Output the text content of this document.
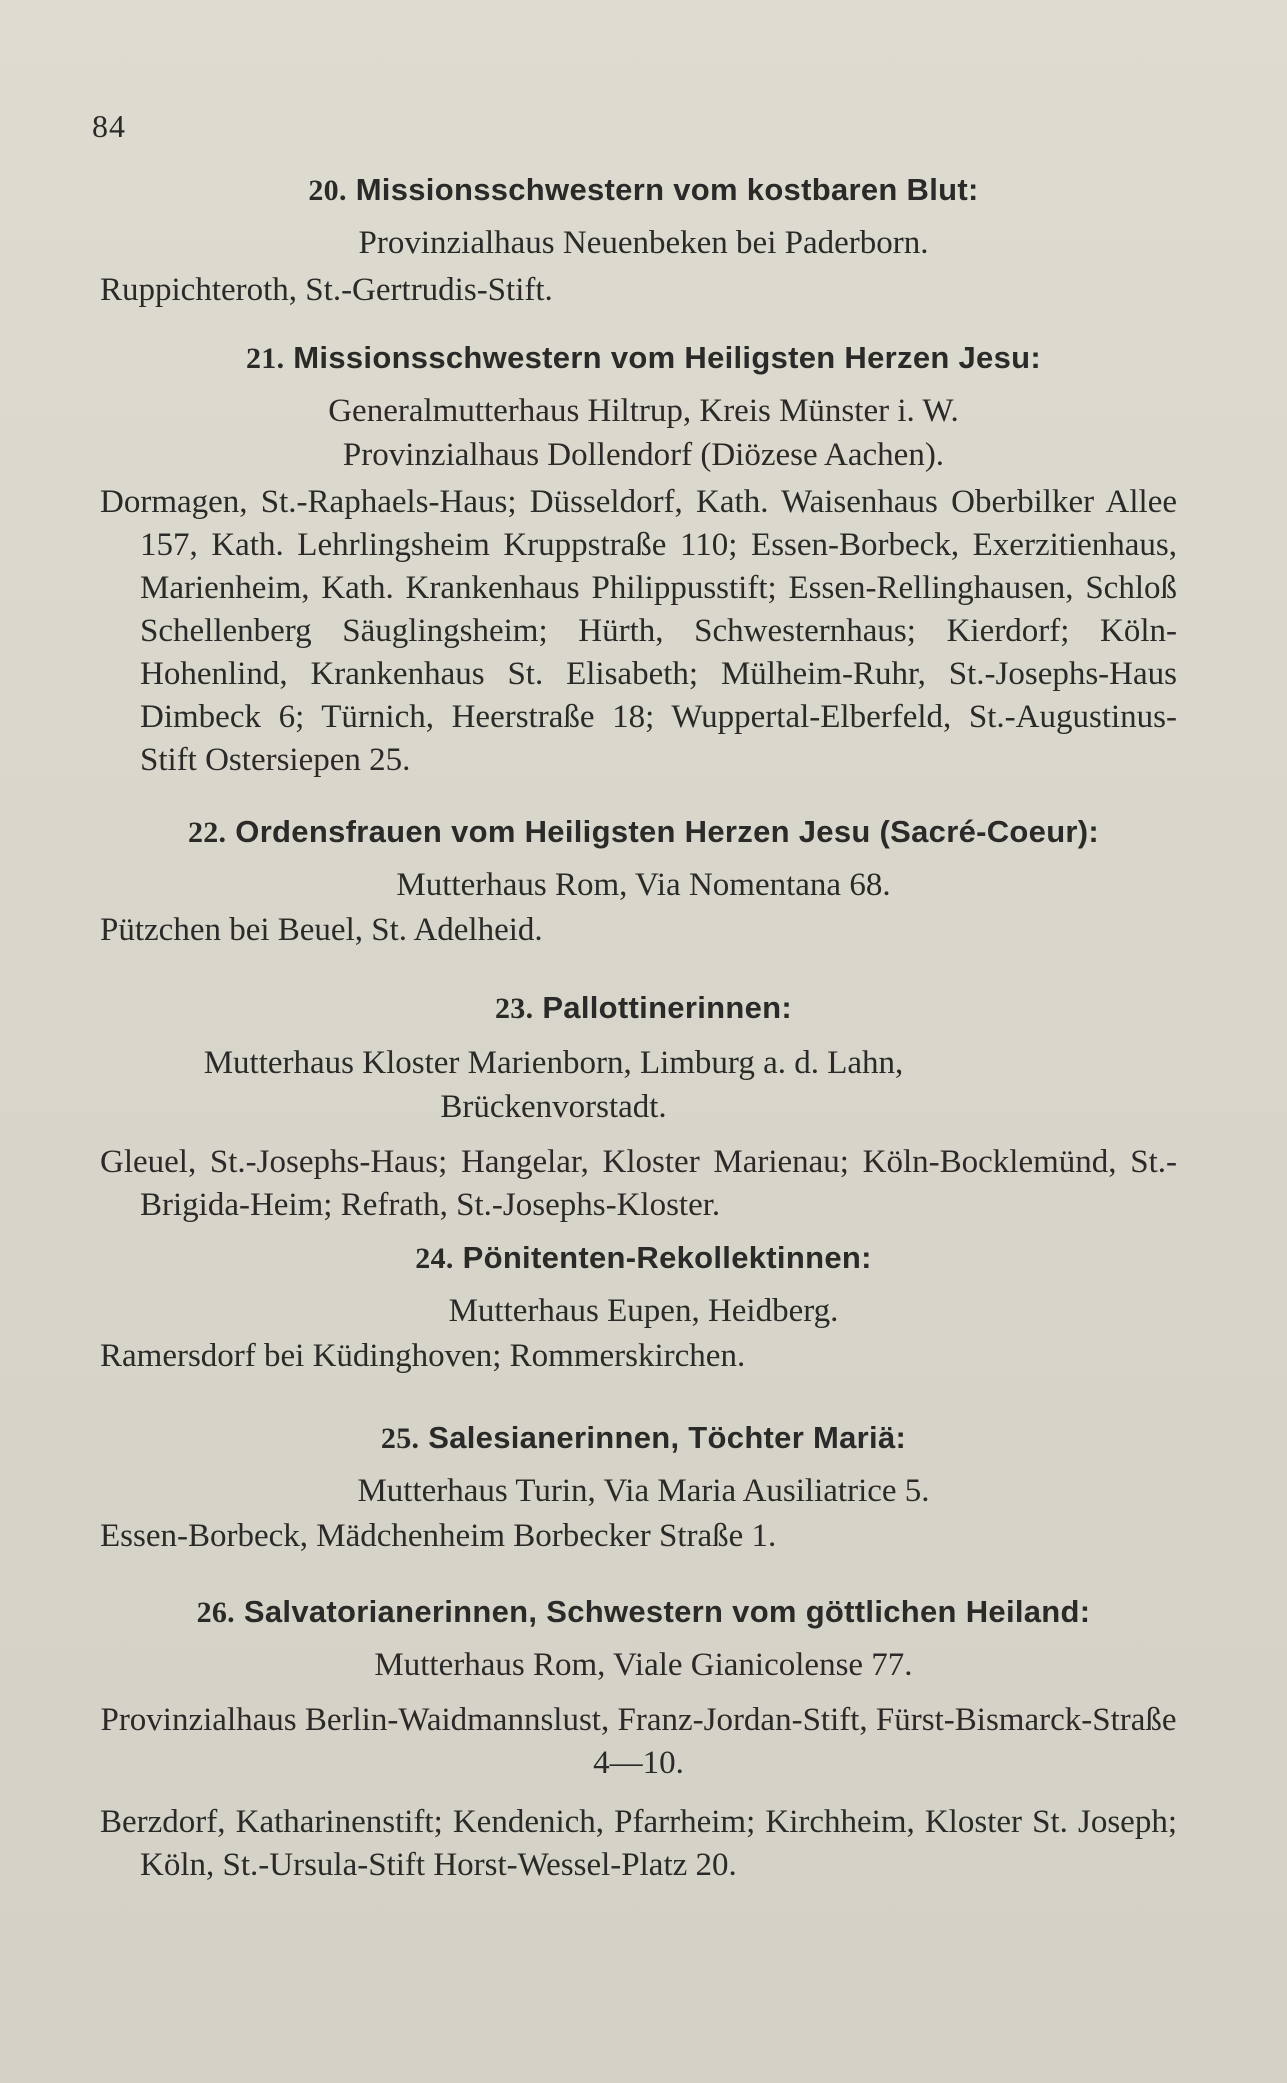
84
20. Missionsschwestern vom kostbaren Blut:
Provinzialhaus Neuenbeken bei Paderborn.
Ruppichteroth, St.-Gertrudis-Stift.
21. Missionsschwestern vom Heiligsten Herzen Jesu:
Generalmutterhaus Hiltrup, Kreis Münster i. W.
Provinzialhaus Dollendorf (Diözese Aachen).
Dormagen, St.-Raphaels-Haus; Düsseldorf, Kath. Waisenhaus Oberbilker Allee 157, Kath. Lehrlingsheim Kruppstraße 110; Essen-Borbeck, Exerzitienhaus, Marienheim, Kath. Krankenhaus Philippusstift; Essen-Rellinghausen, Schloß Schellenberg Säuglingsheim; Hürth, Schwesternhaus; Kierdorf; Köln-Hohenlind, Krankenhaus St. Elisabeth; Mülheim-Ruhr, St.-Josephs-Haus Dimbeck 6; Türnich, Heerstraße 18; Wuppertal-Elberfeld, St.-Augustinus-Stift Ostersiepen 25.
22. Ordensfrauen vom Heiligsten Herzen Jesu (Sacré-Coeur):
Mutterhaus Rom, Via Nomentana 68.
Pützchen bei Beuel, St. Adelheid.
23. Pallottinerinnen:
Mutterhaus Kloster Marienborn, Limburg a. d. Lahn, Brückenvorstadt.
Gleuel, St.-Josephs-Haus; Hangelar, Kloster Marienau; Köln-Bocklemünd, St.-Brigida-Heim; Refrath, St.-Josephs-Kloster.
24. Pönitenten-Rekollektinnen:
Mutterhaus Eupen, Heidberg.
Ramersdorf bei Küdinghoven; Rommerskirchen.
25. Salesianerinnen, Töchter Mariä:
Mutterhaus Turin, Via Maria Ausiliatrice 5.
Essen-Borbeck, Mädchenheim Borbecker Straße 1.
26. Salvatorianerinnen, Schwestern vom göttlichen Heiland:
Mutterhaus Rom, Viale Gianicolense 77.
Provinzialhaus Berlin-Waidmannslust, Franz-Jordan-Stift, Fürst-Bismarck-Straße 4—10.
Berzdorf, Katharinenstift; Kendenich, Pfarrheim; Kirchheim, Kloster St. Joseph; Köln, St.-Ursula-Stift Horst-Wessel-Platz 20.
